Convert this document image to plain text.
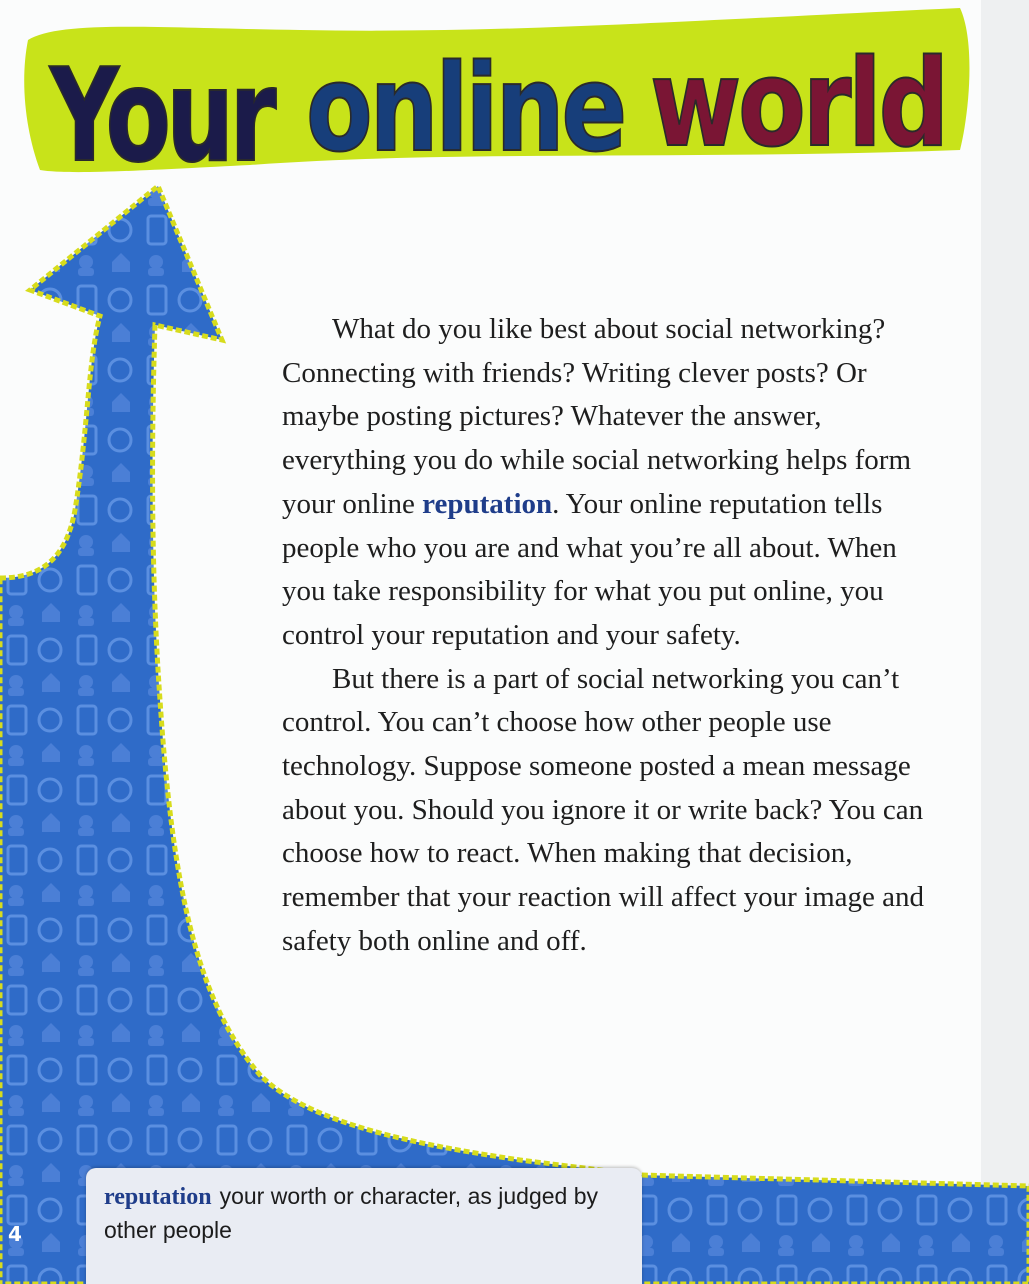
Your online world

What do you like best about social networking? Connecting with friends? Writing clever posts? Or maybe posting pictures? Whatever the answer, everything you do while social networking helps form your online reputation. Your online reputation tells people who you are and what you’re all about. When you take responsibility for what you put online, you control your reputation and your safety.

But there is a part of social networking you can’t control. You can’t choose how other people use technology. Suppose someone posted a mean message about you. Should you ignore it or write back? You can choose how to react. When making that decision, remember that your reaction will affect your image and safety both online and off.

reputation your worth or character, as judged by other people
4
